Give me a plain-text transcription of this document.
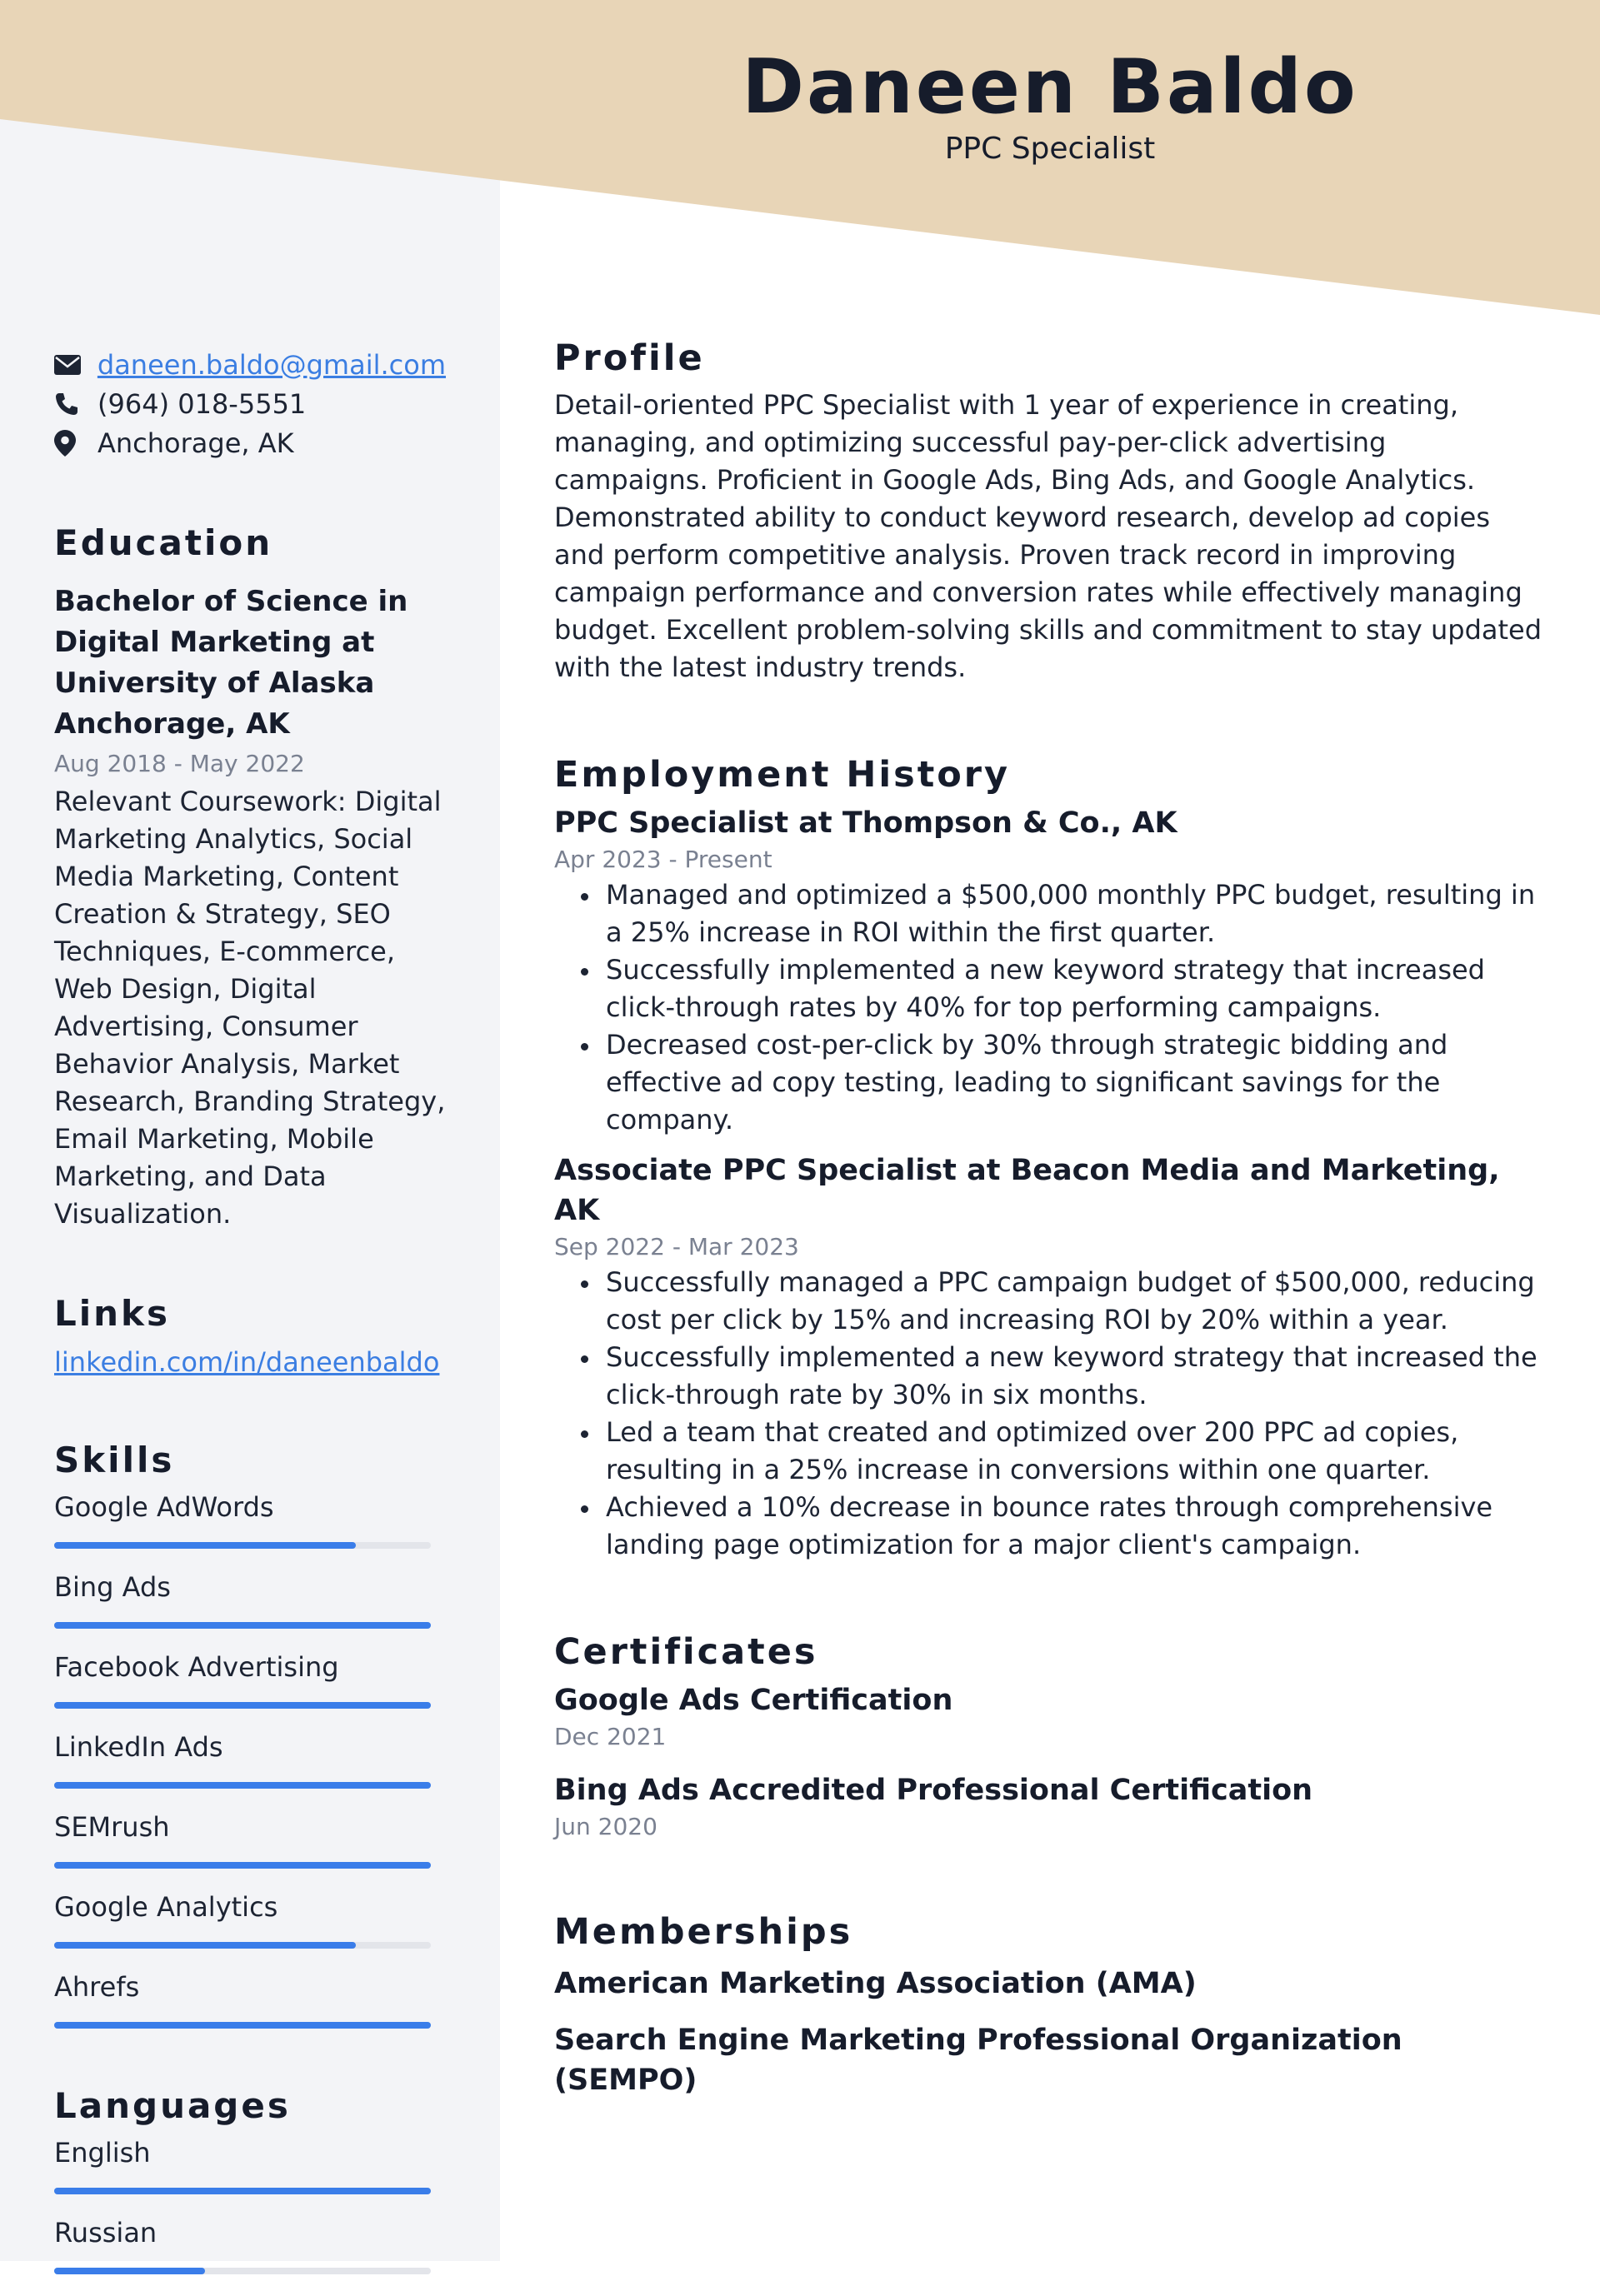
Daneen Baldo
PPC Specialist
daneen.baldo@gmail.com
(964) 018-5551
Anchorage, AK
Education
Bachelor of Science in Digital Marketing at University of Alaska Anchorage, AK
Aug 2018 - May 2022
Relevant Coursework: Digital Marketing Analytics, Social Media Marketing, Content Creation & Strategy, SEO Techniques, E-commerce, Web Design, Digital Advertising, Consumer Behavior Analysis, Market Research, Branding Strategy, Email Marketing, Mobile Marketing, and Data Visualization.
Links
linkedin.com/in/daneenbaldo
Skills
Google AdWords
Bing Ads
Facebook Advertising
LinkedIn Ads
SEMrush
Google Analytics
Ahrefs
Languages
English
Russian
Profile
Detail-oriented PPC Specialist with 1 year of experience in creating, managing, and optimizing successful pay-per-click advertising campaigns. Proficient in Google Ads, Bing Ads, and Google Analytics. Demonstrated ability to conduct keyword research, develop ad copies and perform competitive analysis. Proven track record in improving campaign performance and conversion rates while effectively managing budget. Excellent problem-solving skills and commitment to stay updated with the latest industry trends.
Employment History
PPC Specialist at Thompson & Co., AK
Apr 2023 - Present
Managed and optimized a $500,000 monthly PPC budget, resulting in a 25% increase in ROI within the first quarter.
Successfully implemented a new keyword strategy that increased click-through rates by 40% for top performing campaigns.
Decreased cost-per-click by 30% through strategic bidding and effective ad copy testing, leading to significant savings for the company.
Associate PPC Specialist at Beacon Media and Marketing, AK
Sep 2022 - Mar 2023
Successfully managed a PPC campaign budget of $500,000, reducing cost per click by 15% and increasing ROI by 20% within a year.
Successfully implemented a new keyword strategy that increased the click-through rate by 30% in six months.
Led a team that created and optimized over 200 PPC ad copies, resulting in a 25% increase in conversions within one quarter.
Achieved a 10% decrease in bounce rates through comprehensive landing page optimization for a major client's campaign.
Certificates
Google Ads Certification
Dec 2021
Bing Ads Accredited Professional Certification
Jun 2020
Memberships
American Marketing Association (AMA)
Search Engine Marketing Professional Organization (SEMPO)
